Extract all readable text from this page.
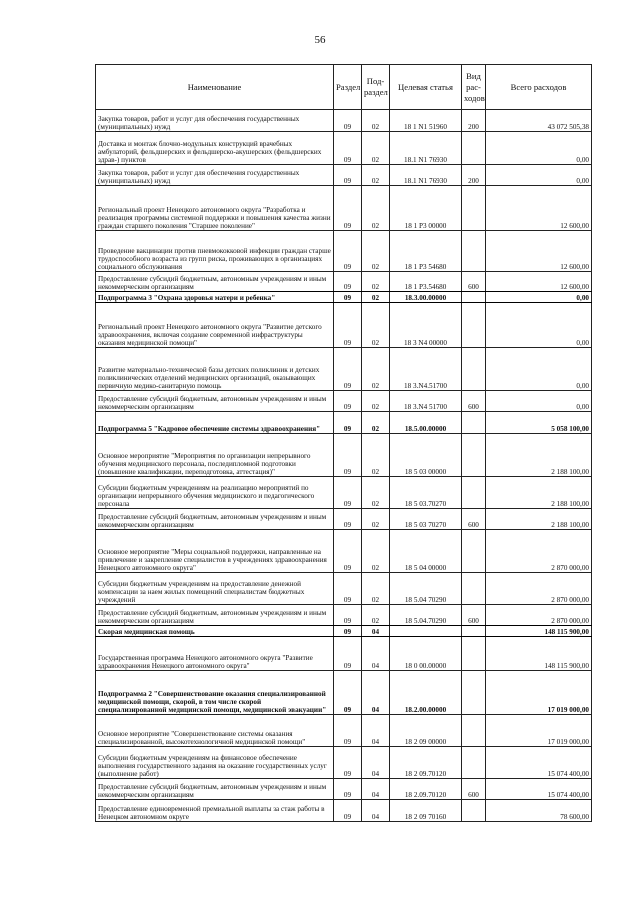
56
Наименование	Раздел	Под-раздел	Целевая статья	Вид рас-ходов	Всего расходов
Закупка товаров, работ и услуг для обеспечения государственных (муниципальных) нужд	09	02	18 1 N1 51960	200	43 072 505,38
Доставка и монтаж блочно-модульных конструкций врачебных амбулаторий, фельдшерских и фельдшерско-акушерских (фельдшерских здрав-) пунктов	09	02	18.1 N1 76930		0,00
Закупка товаров, работ и услуг для обеспечения государственных (муниципальных) нужд	09	02	18.1 N1 76930	200	0,00
Региональный проект Ненецкого автономного округа "Разработка и реализация программы системной поддержки и повышения качества жизни граждан старшего поколения "Старшее поколение"	09	02	18 1 P3 00000		12 600,00
Проведение вакцинации против пневмококковой инфекции граждан старше трудоспособного возраста из групп риска, проживающих в организациях социального обслуживания	09	02	18 1 P3 54680		12 600,00
Предоставление субсидий бюджетным, автономным учреждениям и иным некоммерческим организациям	09	02	18 1 P3.54680	600	12 600,00
Подпрограмма 3 "Охрана здоровья матери и ребенка"	09	02	18.3.00.00000		0,00
Региональный проект Ненецкого автономного округа "Развитие детского здравоохранения, включая создание современной инфраструктуры оказания медицинской помощи"	09	02	18 3 N4 00000		0,00
Развитие материально-технической базы детских поликлиник и детских поликлинических отделений медицинских организаций, оказывающих первичную медико-санитарную помощь	09	02	18 3.N4.51700		0,00
Предоставление субсидий бюджетным, автономным учреждениям и иным некоммерческим организациям	09	02	18 3.N4 51700	600	0,00
Подпрограмма 5 "Кадровое обеспечение системы здравоохранения"	09	02	18.5.00.00000		5 058 100,00
Основное мероприятие "Мероприятия по организации непрерывного обучения медицинского персонала, последипломной подготовки (повышение квалификации, переподготовка, аттестация)"	09	02	18 5 03 00000		2 188 100,00
Субсидии бюджетным учреждениям на реализацию мероприятий по организации непрерывного обучения медицинского и педагогического персонала	09	02	18 5 03.70270		2 188 100,00
Предоставление субсидий бюджетным, автономным учреждениям и иным некоммерческим организациям	09	02	18 5 03 70270	600	2 188 100,00
Основное мероприятие "Меры социальной поддержки, направленные на привлечение и закрепление специалистов в учреждениях здравоохранения Ненецкого автономного округа"	09	02	18 5 04 00000		2 870 000,00
Субсидии бюджетным учреждениям на предоставление денежной компенсации за наем жилых помещений специалистам бюджетных учреждений	09	02	18 5.04 70290		2 870 000,00
Предоставление субсидий бюджетным, автономным учреждениям и иным некоммерческим организациям	09	02	18 5.04.70290	600	2 870 000,00
Скорая медицинская помощь	09	04			148 115 900,00
Государственная программа Ненецкого автономного округа "Развитие здравоохранения Ненецкого автономного округа"	09	04	18 0 00.00000		148 115 900,00
Подпрограмма 2 "Совершенствование оказания специализированной медицинской помощи, скорой, в том числе скорой специализированной медицинской помощи, медицинской эвакуации"	09	04	18.2.00.00000		17 019 000,00
Основное мероприятие "Совершенствование системы оказания специализированной, высокотехнологичной медицинской помощи"	09	04	18 2 09 00000		17 019 000,00
Субсидии бюджетным учреждениям на финансовое обеспечение выполнения государственного задания на оказание государственных услуг (выполнение работ)	09	04	18 2 09.70120		15 074 400,00
Предоставление субсидий бюджетным, автономным учреждениям и иным некоммерческим организациям	09	04	18 2.09.70120	600	15 074 400,00
Предоставление единовременной премиальной выплаты за стаж работы в Ненецком автономном округе	09	04	18 2 09 70160		78 600,00
